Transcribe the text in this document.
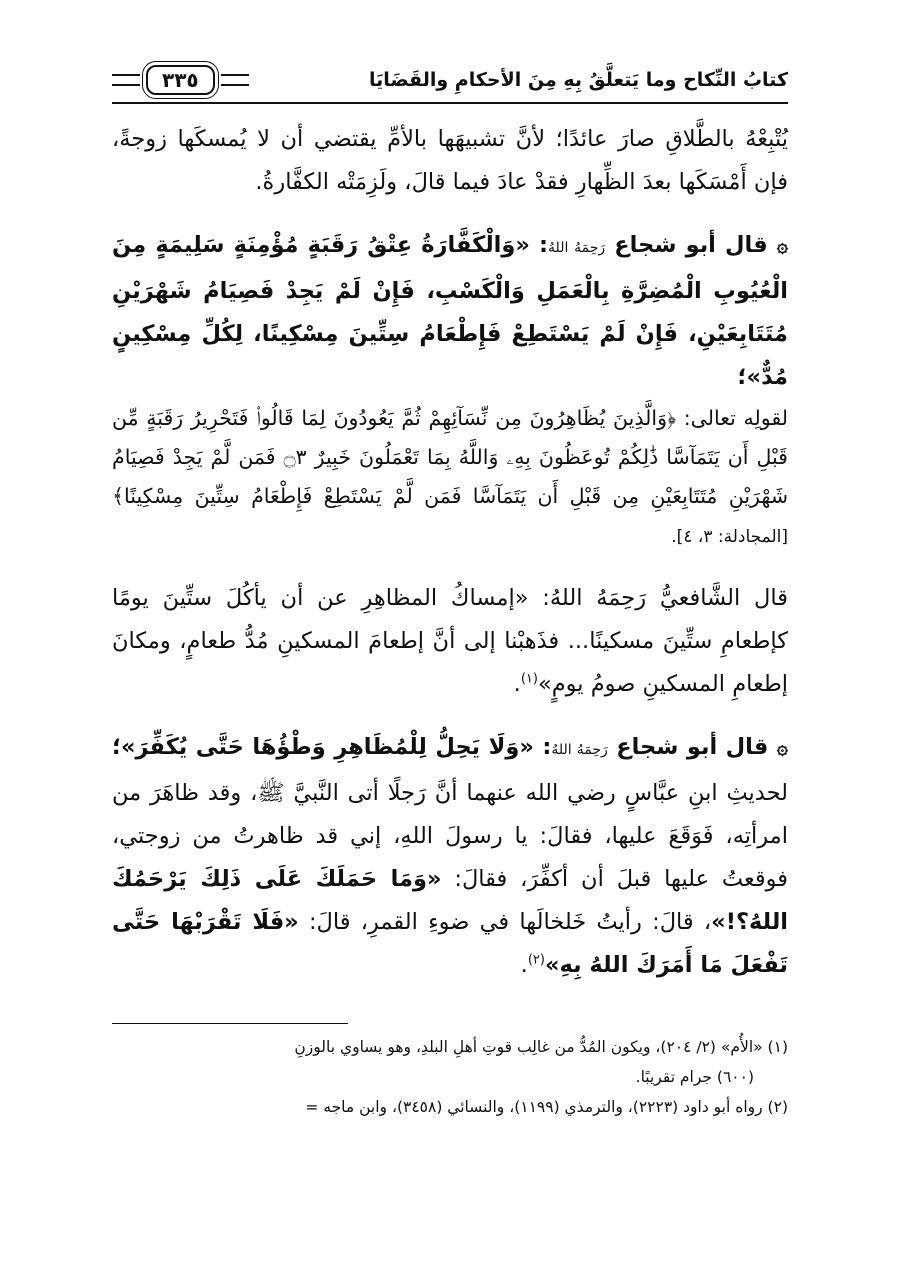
كتابُ النِّكاح وما يَتعلَّقُ بِهِ مِنَ الأحكامِ والقَضَايَا
٣٣٥

يُتْبِعْهُ بالطَّلاقِ صارَ عائدًا؛ لأنَّ تشبيهَها بالأمِّ يقتضي أن لا يُمسكَها زوجةً، فإن أَمْسَكَها بعدَ الظِّهارِ فقدْ عادَ فيما قالَ، ولَزِمَتْه الكفَّارةُ.

۞ قال أبو شجاع رَحِمَهُ اللهُ: «وَالْكَفَّارَةُ عِتْقُ رَقَبَةٍ مُؤْمِنَةٍ سَلِيمَةٍ مِنَ الْعُيُوبِ الْمُضِرَّةِ بِالْعَمَلِ وَالْكَسْبِ، فَإِنْ لَمْ يَجِدْ فَصِيَامُ شَهْرَيْنِ مُتَتَابِعَيْنِ، فَإِنْ لَمْ يَسْتَطِعْ فَإِطْعَامُ سِتِّينَ مِسْكِينًا، لِكُلِّ مِسْكِينٍ مُدٌّ»؛
لقولِه تعالى: ﴿وَالَّذِينَ يُظَاهِرُونَ مِن نِّسَآئِهِمْ ثُمَّ يَعُودُونَ لِمَا قَالُوا۟ فَتَحْرِيرُ رَقَبَةٍ مِّن قَبْلِ أَن يَتَمَآسَّا ذَٰلِكُمْ تُوعَظُونَ بِهِۦ وَاللَّهُ بِمَا تَعْمَلُونَ خَبِيرٌ ۝٣ فَمَن لَّمْ يَجِدْ فَصِيَامُ شَهْرَيْنِ مُتَتَابِعَيْنِ مِن قَبْلِ أَن يَتَمَآسَّا فَمَن لَّمْ يَسْتَطِعْ فَإِطْعَامُ سِتِّينَ مِسْكِينًا﴾ [المجادلة: ٣، ٤].

قال الشَّافعيُّ رَحِمَهُ اللهُ: «إمساكُ المظاهِرِ عن أن يأكُلَ ستِّينَ يومًا كإطعامِ ستِّينَ مسكينًا... فذَهبْنا إلى أنَّ إطعامَ المسكينِ مُدُّ طعامٍ، ومكانَ إطعامِ المسكينِ صومُ يومٍ»$^{(١)}$.

۞ قال أبو شجاع رَحِمَهُ اللهُ: «وَلَا يَحِلُّ لِلْمُظَاهِرِ وَطْؤُهَا حَتَّى يُكَفِّرَ»؛ لحديثِ ابنِ عبَّاسٍ رضي الله عنهما أنَّ رَجلًا أتى النَّبيَّ ﷺ، وقد ظاهَرَ من امرأتِه، فَوَقَعَ عليها، فقالَ: يا رسولَ اللهِ، إني قد ظاهرتُ من زوجتي، فوقعتُ عليها قبلَ أن أكفِّرَ، فقالَ: «وَمَا حَمَلَكَ عَلَى ذَلِكَ يَرْحَمُكَ اللهُ؟!»، قالَ: رأيتُ خَلخالَها في ضوءِ القمرِ، قالَ: «فَلَا تَقْرَبْهَا حَتَّى تَفْعَلَ مَا أَمَرَكَ اللهُ بِهِ»$^{(٢)}$.

(١) «الأُم» (٢/ ٢٠٤)، ويكون المُدُّ من غالِب قوتِ أهلِ البلدِ، وهو يساوي بالوزنِ

(٦٠٠) جرام تقريبًا.

(٢) رواه أبو داود (٢٢٢٣)، والترمذي (١١٩٩)، والنسائي (٣٤٥٨)، وابن ماجه =
